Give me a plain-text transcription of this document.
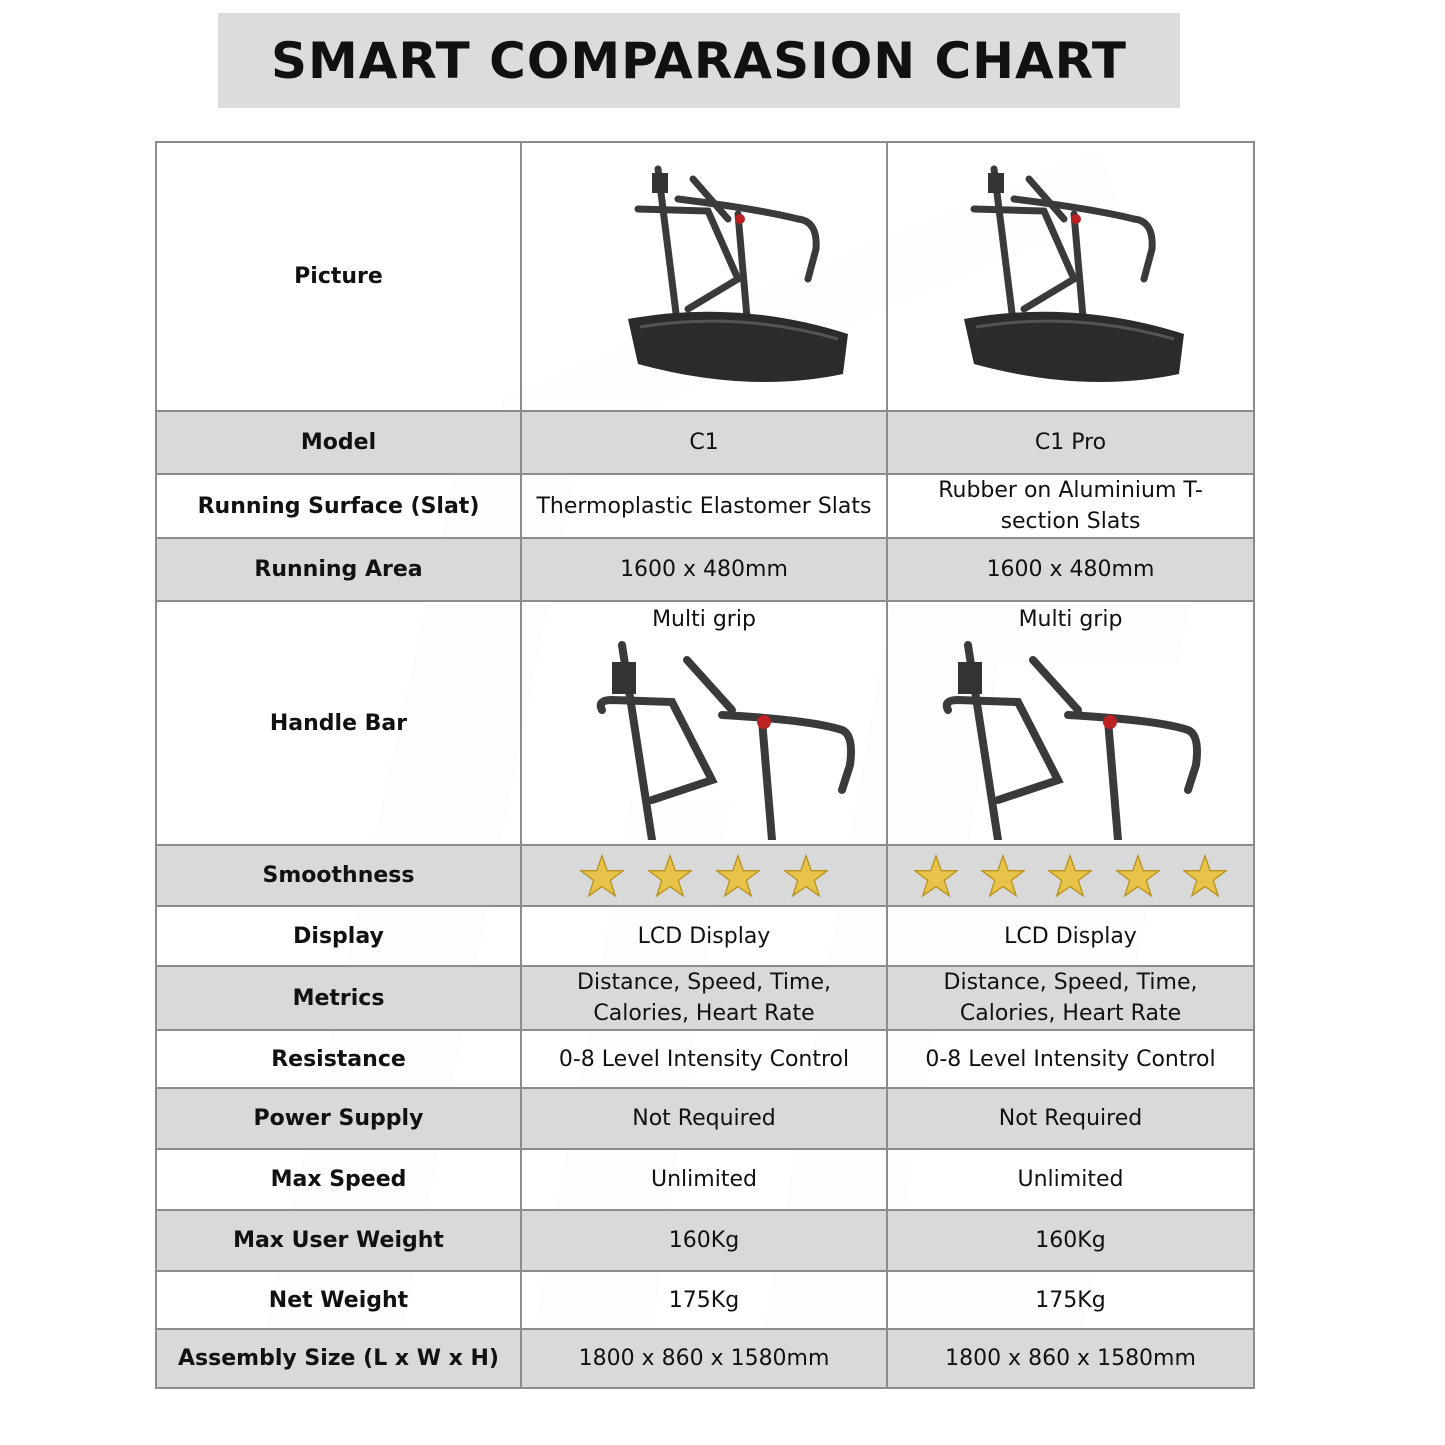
SMART COMPARASION CHART
Picture	

Model	C1	C1 Pro
Running Surface (Slat)	Thermoplastic Elastomer Slats	Rubber on Aluminium T-section Slats
Running Area	1600 x 480mm	1600 x 480mm
Handle Bar	Multi grip	Multi grip

Smoothness	

Display	LCD Display	LCD Display
Metrics	Distance, Speed, Time, Calories, Heart Rate	Distance, Speed, Time, Calories, Heart Rate
Resistance	0-8 Level Intensity Control	0-8 Level Intensity Control
Power Supply	Not Required	Not Required
Max Speed	Unlimited	Unlimited
Max User Weight	160Kg	160Kg
Net Weight	175Kg	175Kg
Assembly Size (L x W x H)	1800 x 860 x 1580mm	1800 x 860 x 1580mm
